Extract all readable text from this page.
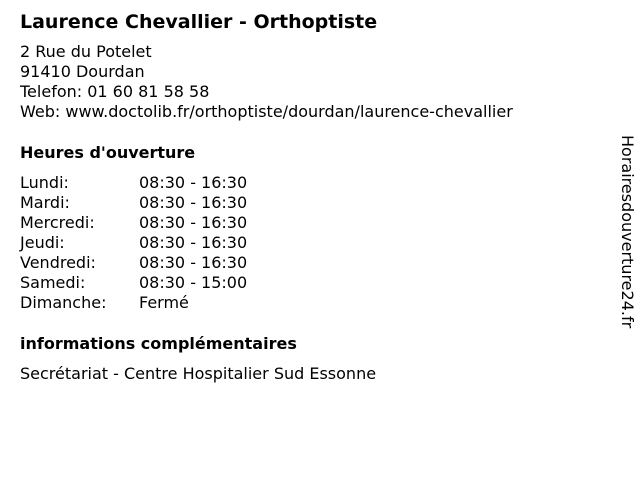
Laurence Chevallier - Orthoptiste
2 Rue du Potelet
91410 Dourdan
Telefon: 01 60 81 58 58
Web: www.doctolib.fr/orthoptiste/dourdan/laurence-chevallier
Heures d'ouverture
Lundi:	08:30 - 16:30
Mardi:	08:30 - 16:30
Mercredi:	08:30 - 16:30
Jeudi:	08:30 - 16:30
Vendredi:	08:30 - 16:30
Samedi:	08:30 - 15:00
Dimanche:	Fermé
informations complémentaires
Secrétariat - Centre Hospitalier Sud Essonne
Horairesdouverture24.fr
